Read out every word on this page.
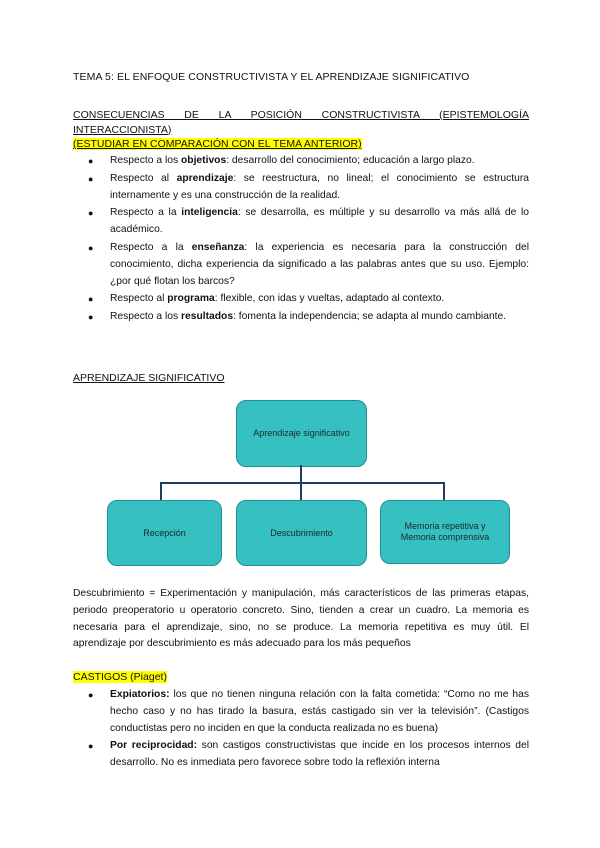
TEMA 5: EL ENFOQUE CONSTRUCTIVISTA Y EL APRENDIZAJE SIGNIFICATIVO
CONSECUENCIAS DE LA POSICIÓN CONSTRUCTIVISTA (EPISTEMOLOGÍA INTERACCIONISTA)
(ESTUDIAR EN COMPARACIÓN CON EL TEMA ANTERIOR)
● Respecto a los objetivos: desarrollo del conocimiento; educación a largo plazo.
● Respecto al aprendizaje: se reestructura, no lineal; el conocimiento se estructura internamente y es una construcción de la realidad.
● Respecto a la inteligencia: se desarrolla, es múltiple y su desarrollo va más allá de lo académico.
● Respecto a la enseñanza: la experiencia es necesaria para la construcción del conocimiento, dicha experiencia da significado a las palabras antes que su uso. Ejemplo: ¿por qué flotan los barcos?
● Respecto al programa: flexible, con idas y vueltas, adaptado al contexto.
● Respecto a los resultados: fomenta la independencia; se adapta al mundo cambiante.
APRENDIZAJE SIGNIFICATIVO
Aprendizaje significativo
Recepción	Descubrimiento
Memoria repetitiva y Memoria comprensiva
Descubrimiento = Experimentación y manipulación, más característicos de las primeras etapas, periodo preoperatorio u operatorio concreto. Sino, tienden a crear un cuadro. La memoria es necesaria para el aprendizaje, sino, no se produce. La memoria repetitiva es muy útil. El aprendizaje por descubrimiento es más adecuado para los más pequeños
CASTIGOS (Piaget)
● Expiatorios: los que no tienen ninguna relación con la falta cometida: “Como no me has hecho caso y no has tirado la basura, estás castigado sin ver la televisión”. (Castigos conductistas pero no inciden en que la conducta realizada no es buena)
● Por reciprocidad: son castigos constructivistas que incide en los procesos internos del desarrollo. No es inmediata pero favorece sobre todo la reflexión interna
